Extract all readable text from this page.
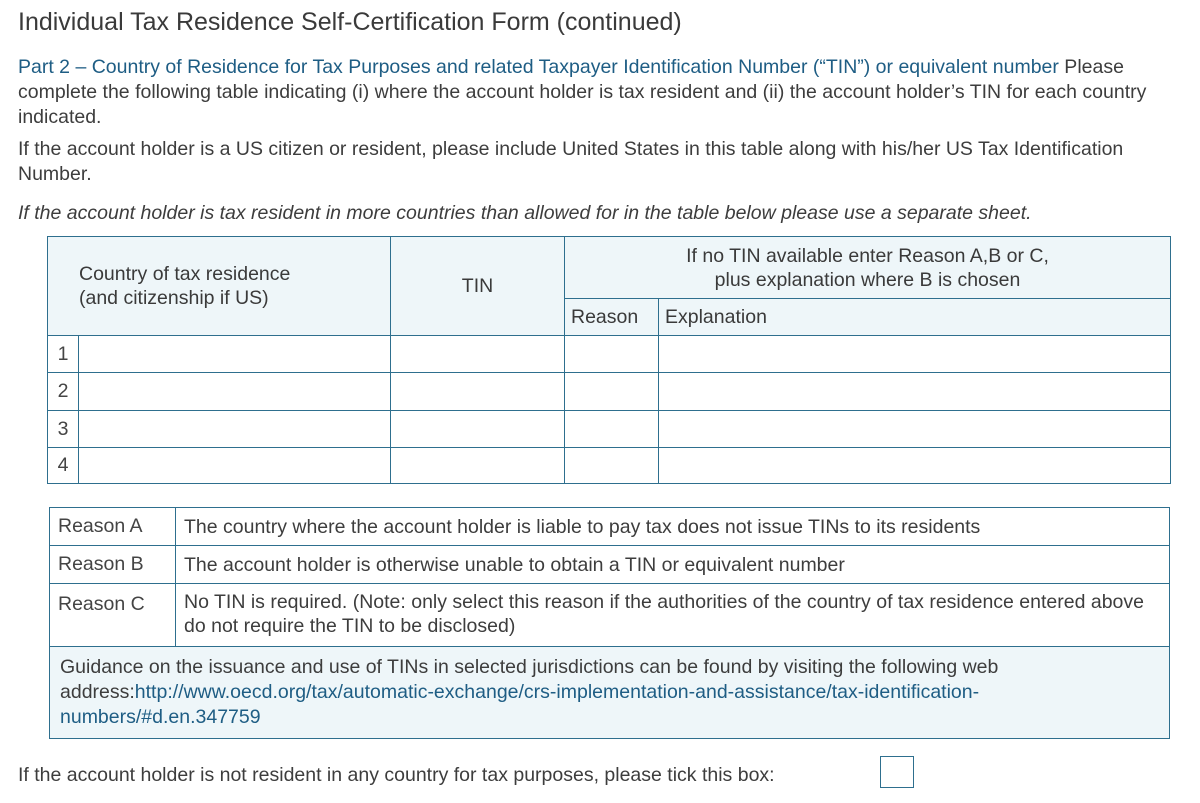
Individual Tax Residence Self-Certification Form (continued)
Part 2 – Country of Residence for Tax Purposes and related Taxpayer Identification Number (“TIN”) or equivalent number Please complete the following table indicating (i) where the account holder is tax resident and (ii) the account holder’s TIN for each country indicated.
If the account holder is a US citizen or resident, please include United States in this table along with his/her US Tax Identification Number.
If the account holder is tax resident in more countries than allowed for in the table below please use a separate sheet.
Country of tax residence (and citizenship if US)		TIN	If no TIN available enter Reason A,B or C,
plus explanation where B is chosen	

			Reason	Explanation
1				
2				
3				
4				
Reason A	The country where the account holder is liable to pay tax does not issue TINs to its residents
Reason B	The account holder is otherwise unable to obtain a TIN or equivalent number
Reason C	No TIN is required. (Note: only select this reason if the authorities of the country of tax residence entered above do not require the TIN to be disclosed)
Guidance on the issuance and use of TINs in selected jurisdictions can be found by visiting the following web address:http://www.oecd.org/tax/automatic-exchange/crs-implementation-and-assistance/tax-identification-numbers/#d.en.347759	
If the account holder is not resident in any country for tax purposes, please tick this box:
